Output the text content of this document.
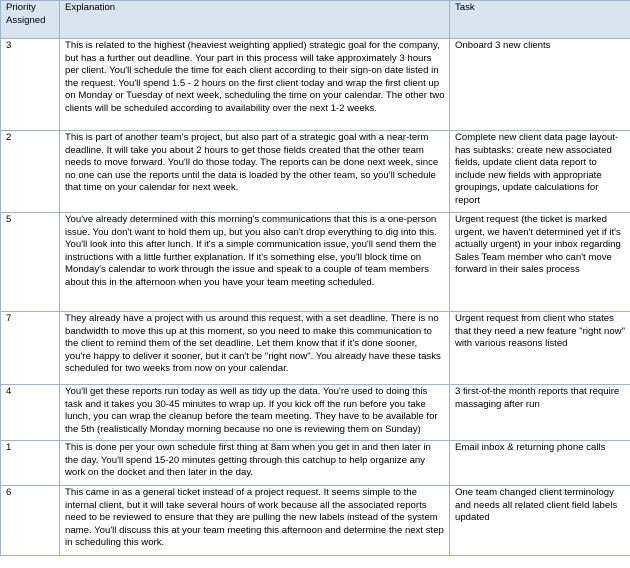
Priority Assigned	Explanation	Task
3	This is related to the highest (heaviest weighting applied) strategic goal for the company, but has a further out deadline. Your part in this process will take approximately 3 hours per client. You'll schedule the time for each client according to their sign-on date listed in the request. You'll spend 1.5 - 2 hours on the first client today and wrap the first client up on Monday or Tuesday of next week, scheduling the time on your calendar. The other two clients will be scheduled according to availability over the next 1-2 weeks.	Onboard 3 new clients
2	This is part of another team's project, but also part of a strategic goal with a near-term deadline. It will take you about 2 hours to get those fields created that the other team needs to move forward. You'll do those today. The reports can be done next week, since no one can use the reports until the data is loaded by the other team, so you'll schedule that time on your calendar for next week.	Complete new client data page layout- has subtasks: create new associated fields, update client data report to include new fields with appropriate groupings, update calculations for report
5	You've already determined with this morning's communications that this is a one-person issue. You don't want to hold them up, but you also can't drop everything to dig into this. You'll look into this after lunch. If it's a simple communication issue, you'll send them the instructions with a little further explanation. If it's something else, you'll block time on Monday's calendar to work through the issue and speak to a couple of team members about this in the afternoon when you have your team meeting scheduled.	Urgent request (the ticket is marked urgent, we haven't determined yet if it's actually urgent) in your inbox regarding Sales Team member who can't move forward in their sales process
7	They already have a project with us around this request, with a set deadline. There is no bandwidth to move this up at this moment, so you need to make this communication to the client to remind them of the set deadline. Let them know that if it's done sooner, you're happy to deliver it sooner, but it can't be "right now". You already have these tasks scheduled for two weeks from now on your calendar.	Urgent request from client who states that they need a new feature "right now" with various reasons listed
4	You'll get these reports run today as well as tidy up the data. You're used to doing this task and it takes you 30-45 minutes to wrap up. If you kick off the run before you take lunch, you can wrap the cleanup before the team meeting. They have to be available for the 5th (realistically Monday morning because no one is reviewing them on Sunday)	3 first-of-the month reports that require massaging after run
1	This is done per your own schedule first thing at 8am when you get in and then later in the day. You'll spend 15-20 minutes getting through this catchup to help organize any work on the docket and then later in the day.	Email inbox & returning phone calls
6	This came in as a general ticket instead of a project request. It seems simple to the internal client, but it will take several hours of work because all the associated reports need to be reviewed to ensure that they are pulling the new labels instead of the system name. You'll discuss this at your team meeting this afternoon and determine the next step in scheduling this work.	One team changed client terminology and needs all related client field labels updated
